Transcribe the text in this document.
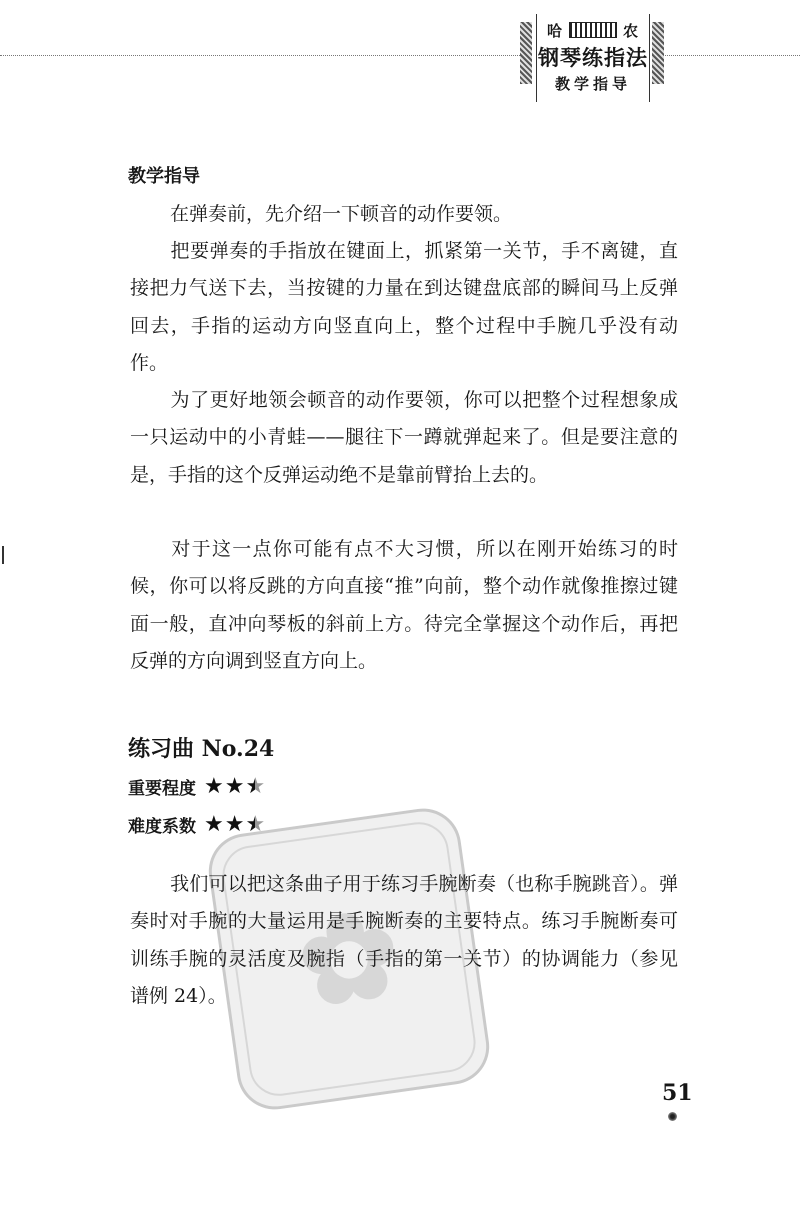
哈	农
钢琴练指法
教学指导
教学指导

在弹奏前，先介绍一下顿音的动作要领。

把要弹奏的手指放在键面上，抓紧第一关节，手不离键，直接把力气送下去，当按键的力量在到达键盘底部的瞬间马上反弹回去，手指的运动方向竖直向上，整个过程中手腕几乎没有动作。

为了更好地领会顿音的动作要领，你可以把整个过程想象成一只运动中的小青蛙——腿往下一蹲就弹起来了。但是要注意的是，手指的这个反弹运动绝不是靠前臂抬上去的。

对于这一点你可能有点不大习惯，所以在刚开始练习的时候，你可以将反跳的方向直接“推”向前，整个动作就像推擦过键面一般，直冲向琴板的斜前上方。待完全掌握这个动作后，再把反弹的方向调到竖直方向上。

练习曲 No.24
重要程度 ★ ★ ★
难度系数 ★ ★ ★
✿

我们可以把这条曲子用于练习手腕断奏（也称手腕跳音）。弹奏时对手腕的大量运用是手腕断奏的主要特点。练习手腕断奏可训练手腕的灵活度及腕指（手指的第一关节）的协调能力（参见谱例 24）。

51
